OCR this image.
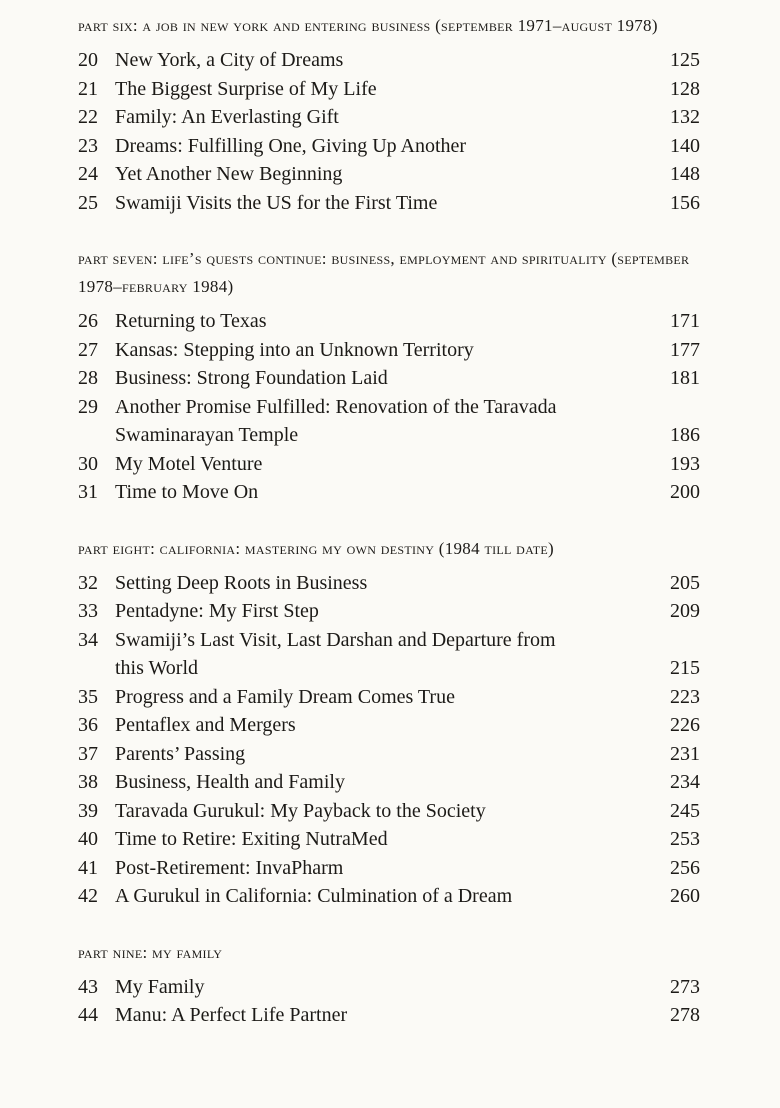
part six: a job in new york and entering business (september 1971–august 1978)

20 New York, a City of Dreams	125
21 The Biggest Surprise of My Life	128
22 Family: An Everlasting Gift	132
23 Dreams: Fulfilling One, Giving Up Another	140
24 Yet Another New Beginning	148
25 Swamiji Visits the US for the First Time	156

part seven: life’s quests continue: business, employment and spirituality (september 1978–february 1984)

26 Returning to Texas	171
27 Kansas: Stepping into an Unknown Territory	177
28 Business: Strong Foundation Laid	181
29 Another Promise Fulfilled: Renovation of the Taravada Swaminarayan Temple	186
30 My Motel Venture	193
31 Time to Move On	200

part eight: california: mastering my own destiny (1984 till date)

32 Setting Deep Roots in Business	205
33 Pentadyne: My First Step	209
34 Swamiji’s Last Visit, Last Darshan and Departure from this World	215
35 Progress and a Family Dream Comes True	223
36 Pentaflex and Mergers	226
37 Parents’ Passing	231
38 Business, Health and Family	234
39 Taravada Gurukul: My Payback to the Society	245
40 Time to Retire: Exiting NutraMed	253
41 Post-Retirement: InvaPharm	256
42 A Gurukul in California: Culmination of a Dream	260

part nine: my family

43 My Family	273
44 Manu: A Perfect Life Partner	278
